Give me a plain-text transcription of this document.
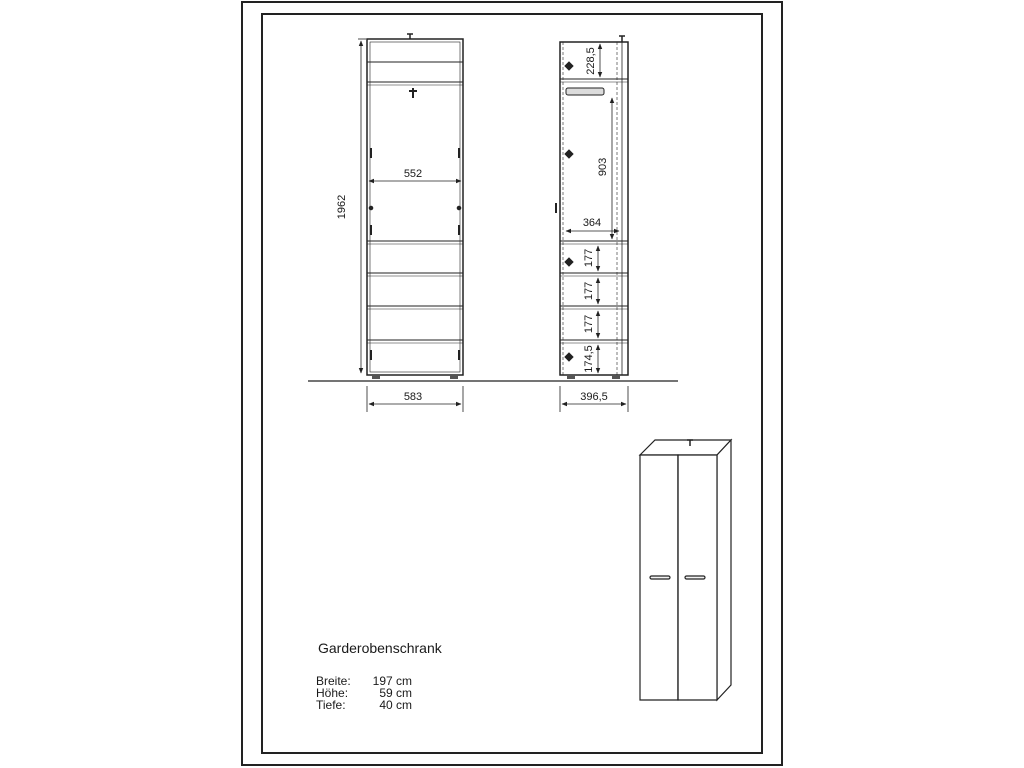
1962
552
583
228,5
903
364
177
177
177
174,5
396,5
Garderobenschrank
Breite: 197 cm
Höhe:	59 cm
Tiefe:	40 cm
